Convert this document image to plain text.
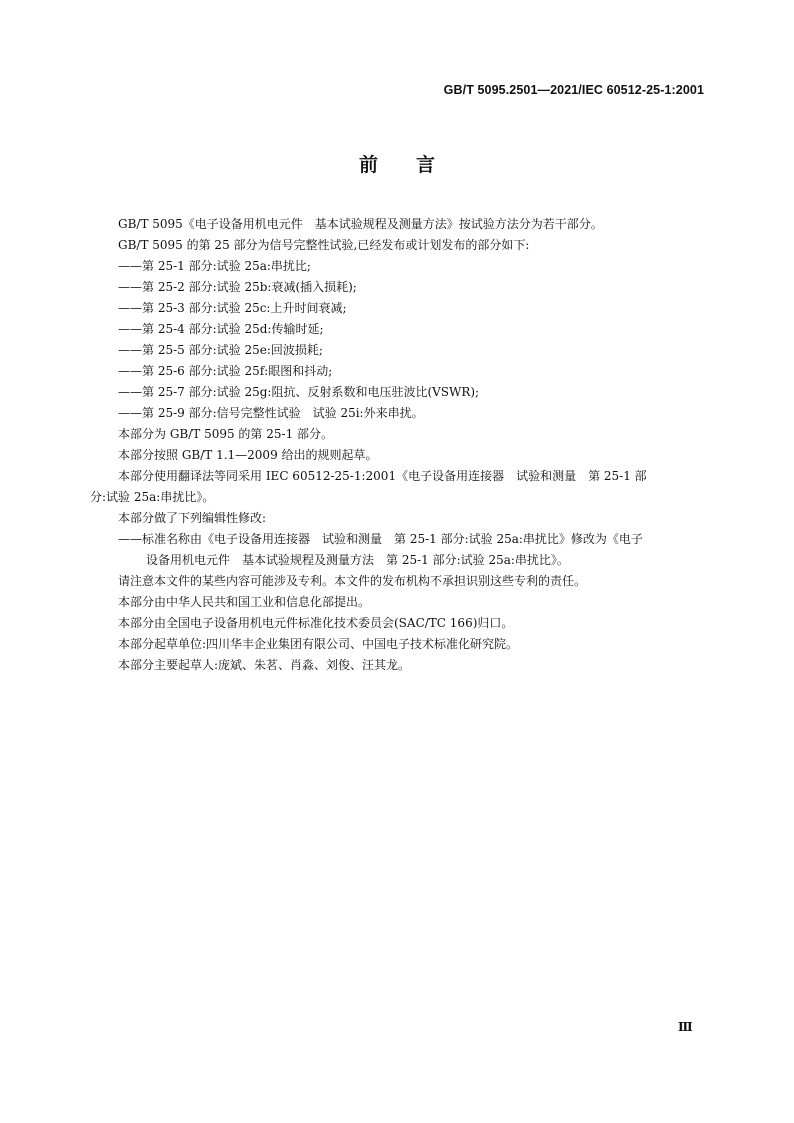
GB/T 5095.2501—2021/IEC 60512-25-1:2001
前言

GB/T 5095《电子设备用机电元件　基本试验规程及测量方法》按试验方法分为若干部分。

GB/T 5095 的第 25 部分为信号完整性试验,已经发布或计划发布的部分如下:

——第 25-1 部分:试验 25a:串扰比;

——第 25-2 部分:试验 25b:衰减(插入损耗);

——第 25-3 部分:试验 25c:上升时间衰减;

——第 25-4 部分:试验 25d:传输时延;

——第 25-5 部分:试验 25e:回波损耗;

——第 25-6 部分:试验 25f:眼图和抖动;

——第 25-7 部分:试验 25g:阻抗、反射系数和电压驻波比(VSWR);

——第 25-9 部分:信号完整性试验　试验 25i:外来串扰。

本部分为 GB/T 5095 的第 25-1 部分。

本部分按照 GB/T 1.1—2009 给出的规则起草。

本部分使用翻译法等同采用 IEC 60512-25-1:2001《电子设备用连接器　试验和测量　第 25-1 部

分:试验 25a:串扰比》。

本部分做了下列编辑性修改:

——标准名称由《电子设备用连接器　试验和测量　第 25-1 部分:试验 25a:串扰比》修改为《电子

设备用机电元件　基本试验规程及测量方法　第 25-1 部分:试验 25a:串扰比》。

请注意本文件的某些内容可能涉及专利。本文件的发布机构不承担识别这些专利的责任。

本部分由中华人民共和国工业和信息化部提出。

本部分由全国电子设备用机电元件标准化技术委员会(SAC/TC 166)归口。

本部分起草单位:四川华丰企业集团有限公司、中国电子技术标准化研究院。

本部分主要起草人:庞斌、朱茗、肖淼、刘俊、汪其龙。

Ⅲ
